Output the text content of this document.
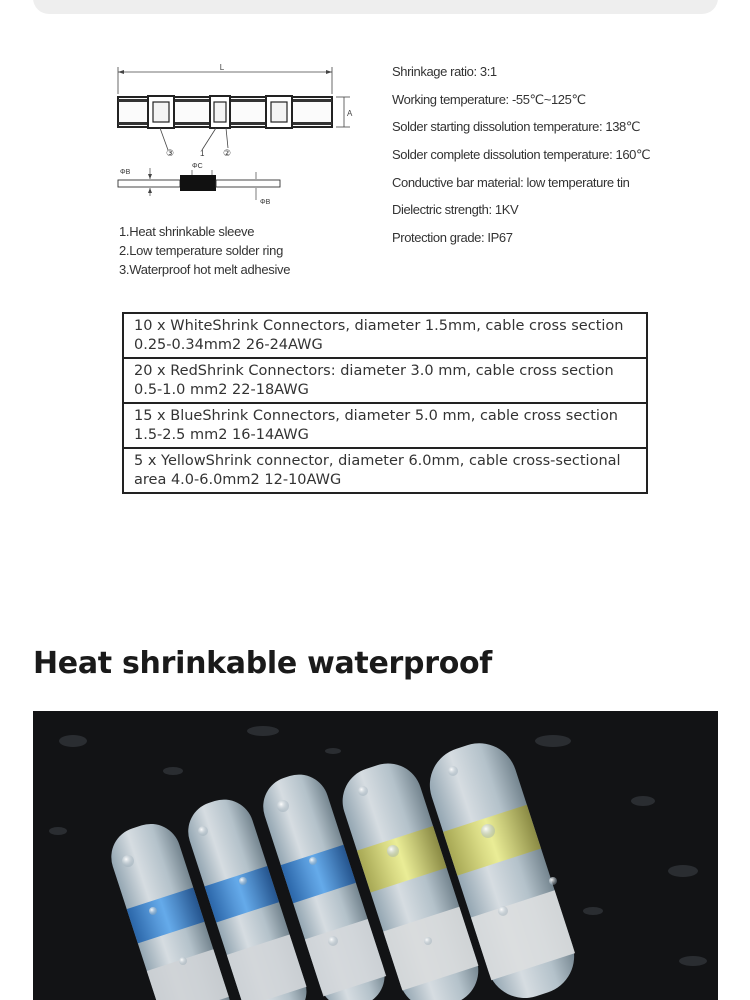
L
A
③	1 ②
ΦC
ΦB
ΦB
1.Heat shrinkable sleeve
2.Low temperature solder ring
3.Waterproof hot melt adhesive
Shrinkage ratio: 3:1
Working temperature: -55℃~125℃
Solder starting dissolution temperature: 138℃
Solder complete dissolution temperature: 160℃
Conductive bar material: low temperature tin
Dielectric strength: 1KV
Protection grade: IP67
10 x WhiteShrink Connectors, diameter 1.5mm, cable cross section
0.25-0.34mm2 26-24AWG
20 x RedShrink Connectors: diameter 3.0 mm, cable cross section
0.5-1.0 mm2 22-18AWG
15 x BlueShrink Connectors, diameter 5.0 mm, cable cross section
1.5-2.5 mm2 16-14AWG
5 x YellowShrink connector, diameter 6.0mm, cable cross-sectional
area 4.0-6.0mm2 12-10AWG
Heat shrinkable waterproof
